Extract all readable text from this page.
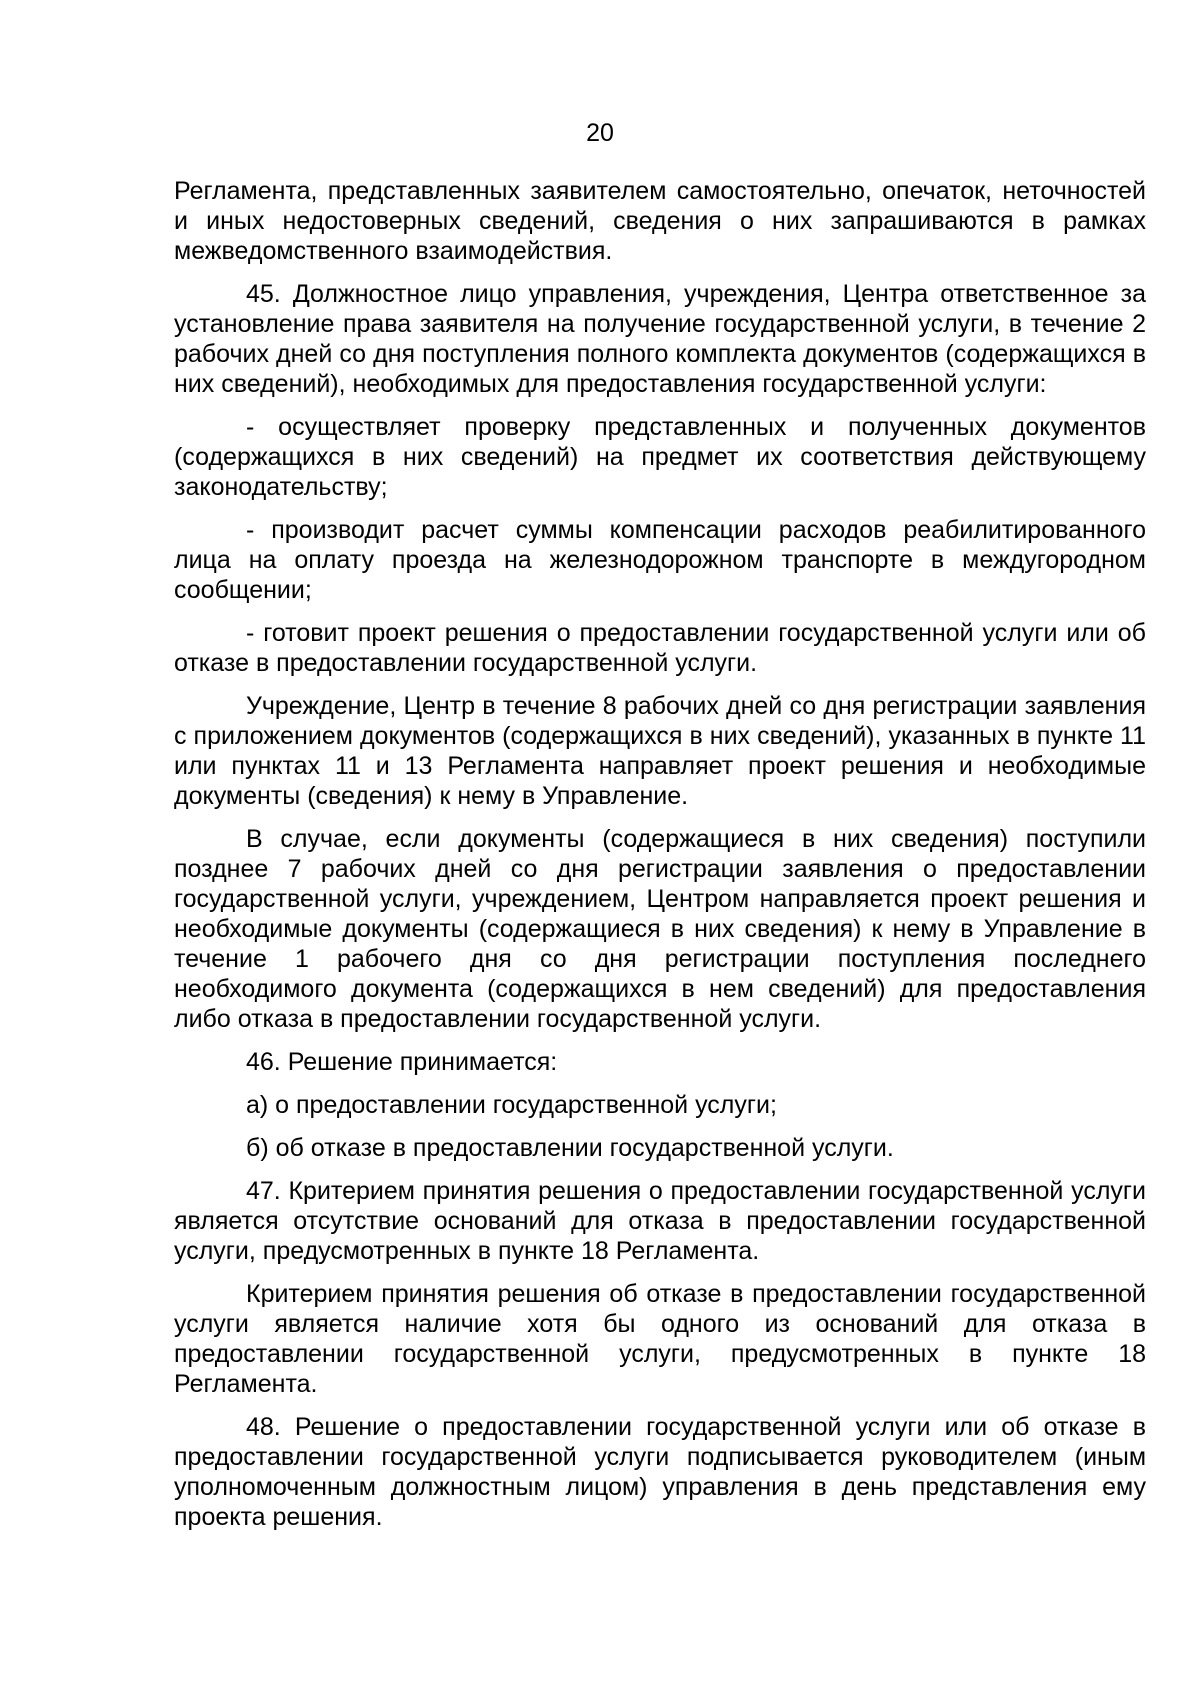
20

Регламента, представленных заявителем самостоятельно, опечаток, неточностей и иных недостоверных сведений, сведения о них запрашиваются в рамках межведомственного взаимодействия.

45. Должностное лицо управления, учреждения, Центра ответственное за установление права заявителя на получение государственной услуги, в течение 2 рабочих дней со дня поступления полного комплекта документов (содержащихся в них сведений), необходимых для предоставления государственной услуги:

- осуществляет проверку представленных и полученных документов (содержащихся в них сведений) на предмет их соответствия действующему законодательству;

- производит расчет суммы компенсации расходов реабилитированного лица на оплату проезда на железнодорожном транспорте в междугородном сообщении;

- готовит проект решения о предоставлении государственной услуги или об отказе в предоставлении государственной услуги.

Учреждение, Центр в течение 8 рабочих дней со дня регистрации заявления с приложением документов (содержащихся в них сведений), указанных в пункте 11 или пунктах 11 и 13 Регламента направляет проект решения и необходимые документы (сведения) к нему в Управление.

В случае, если документы (содержащиеся в них сведения) поступили позднее 7 рабочих дней со дня регистрации заявления о предоставлении государственной услуги, учреждением, Центром направляется проект решения и необходимые документы (содержащиеся в них сведения) к нему в Управление в течение 1 рабочего дня со дня регистрации поступления последнего необходимого документа (содержащихся в нем сведений) для предоставления либо отказа в предоставлении государственной услуги.

46. Решение принимается:

а) о предоставлении государственной услуги;

б) об отказе в предоставлении государственной услуги.

47. Критерием принятия решения о предоставлении государственной услуги является отсутствие оснований для отказа в предоставлении государственной услуги, предусмотренных в пункте 18 Регламента.

Критерием принятия решения об отказе в предоставлении государственной услуги является наличие хотя бы одного из оснований для отказа в предоставлении государственной услуги, предусмотренных в пункте 18 Регламента.

48. Решение о предоставлении государственной услуги или об отказе в предоставлении государственной услуги подписывается руководителем (иным уполномоченным должностным лицом) управления в день представления ему проекта решения.
